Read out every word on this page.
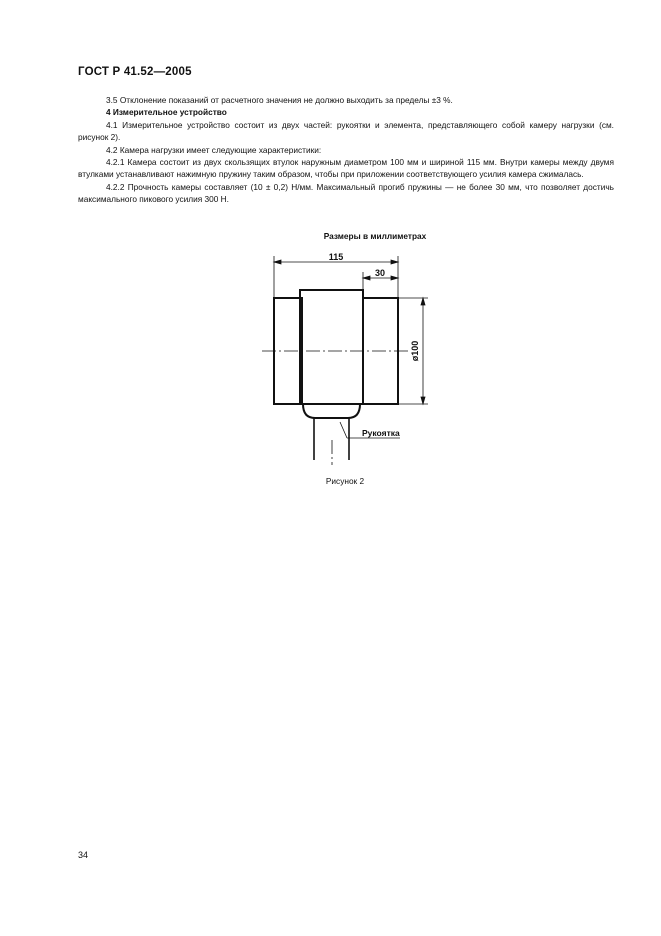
ГОСТ Р 41.52—2005

3.5 Отклонение показаний от расчетного значения не должно выходить за пределы ±3 %.

4 Измерительное устройство

4.1 Измерительное устройство состоит из двух частей: рукоятки и элемента, представляющего собой камеру нагрузки (см. рисунок 2).

4.2 Камера нагрузки имеет следующие характеристики:

4.2.1 Камера состоит из двух скользящих втулок наружным диаметром 100 мм и шириной 115 мм. Внутри камеры между двумя втулками устанавливают нажимную пружину таким образом, чтобы при приложении соответствующего усилия камера сжималась.

4.2.2 Прочность камеры составляет (10 ± 0,2) Н/мм. Максимальный прогиб пружины — не более 30 мм, что позволяет достичь максимального пикового усилия 300 Н.

Размеры в миллиметрах
115
30
ø100
Рукоятка
Рисунок 2
34
